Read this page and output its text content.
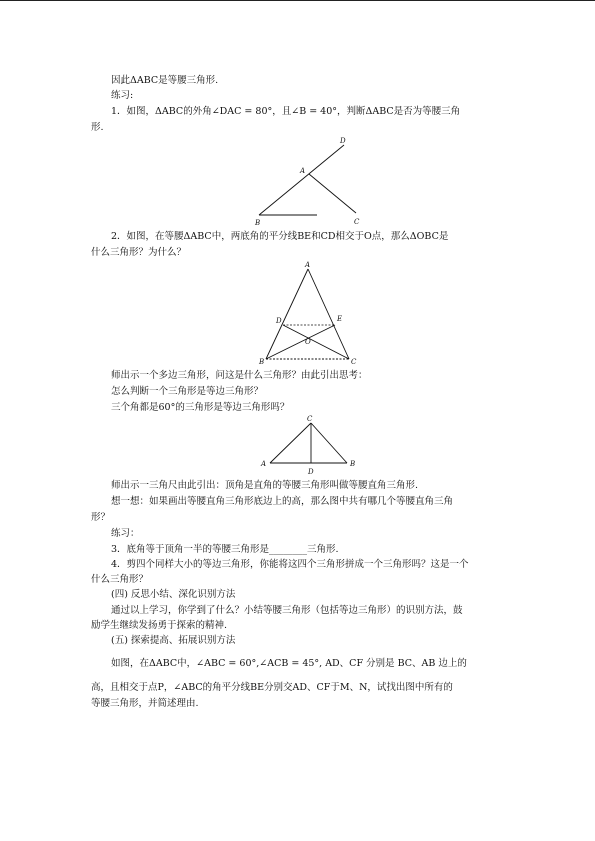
因此ΔABC是等腰三角形.
练习:
1．如图，ΔABC的外角∠DAC = 80°，且∠B = 40°，判断ΔABC是否为等腰三角
形.
D
A
B	C
2．如图，在等腰ΔABC中，两底角的平分线BE和CD相交于O点，那么ΔOBC是
什么三角形？为什么？
A
D	E
O
B	C
师出示一个多边三角形，问这是什么三角形？由此引出思考：
怎么判断一个三角形是等边三角形？
三个角都是60°的三角形是等边三角形吗？
C
A
D
B
师出示一三角尺由此引出：顶角是直角的等腰三角形叫做等腰直角三角形.
想一想：如果画出等腰直角三角形底边上的高，那么图中共有哪几个等腰直角三角
形？
练习：
3．底角等于顶角一半的等腰三角形是________三角形.
4．剪四个同样大小的等边三角形，你能将这四个三角形拼成一个三角形吗？这是一个
什么三角形？
(四) 反思小结、深化识别方法
通过以上学习，你学到了什么？小结等腰三角形（包括等边三角形）的识别方法，鼓
励学生继续发扬勇于探索的精神.
(五) 探索提高、拓展识别方法
如图，在ΔABC中，∠ABC = 60°,∠ACB = 45°, AD、CF 分别是 BC、AB 边上的
高，且相交于点P，∠ABC的角平分线BE分别交AD、CF于M、N，试找出图中所有的
等腰三角形，并简述理由.
